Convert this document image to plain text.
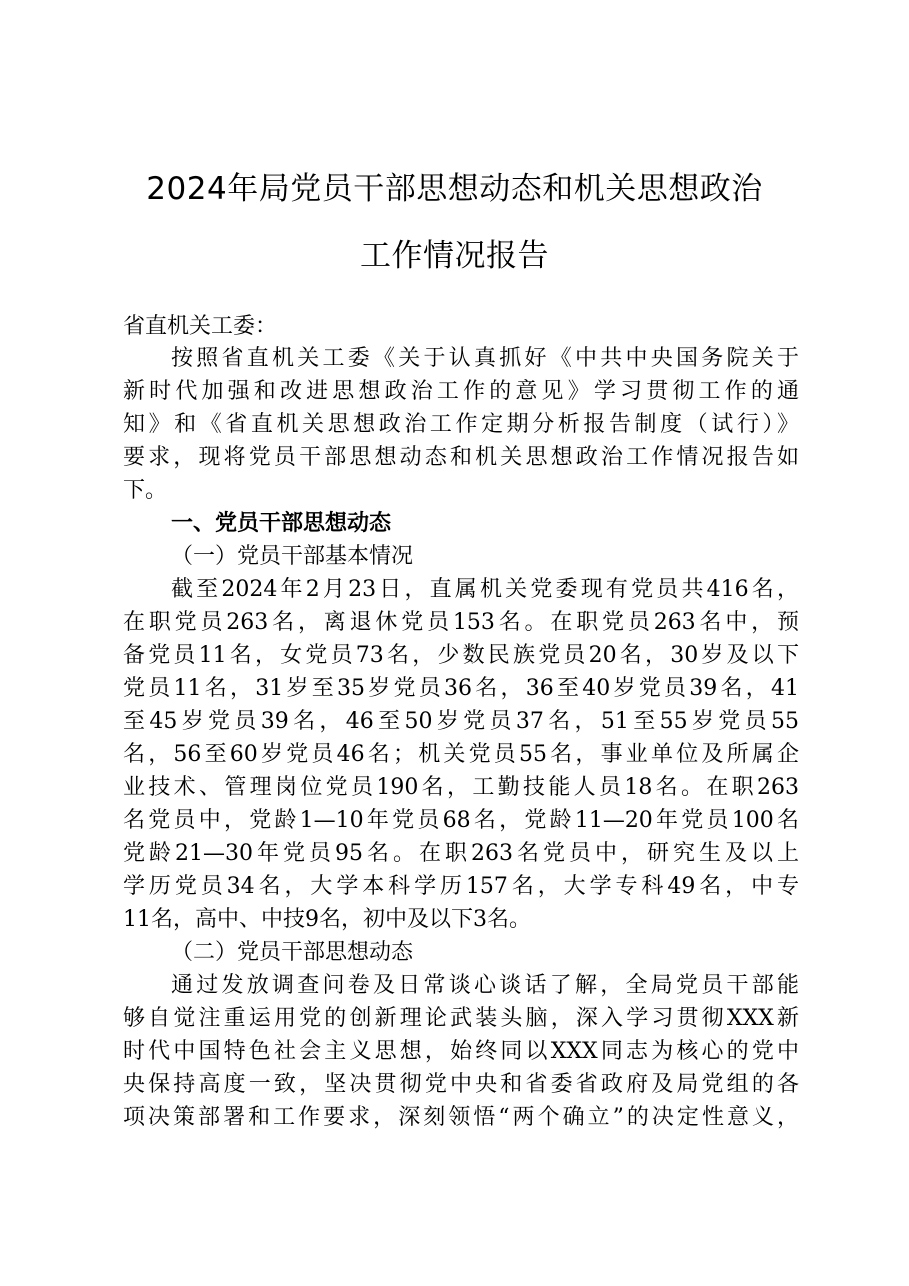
2024年局党员干部思想动态和机关思想政治
工作情况报告
省直机关工委：
按照省直机关工委《关于认真抓好《中共中央国务院关于
新时代加强和改进思想政治工作的意见》学习贯彻工作的通
知》和《省直机关思想政治工作定期分析报告制度（试行）》
要求，现将党员干部思想动态和机关思想政治工作情况报告如
下。
一、党员干部思想动态
（一）党员干部基本情况
截至2024年2月23日，直属机关党委现有党员共416名，
在职党员263名，离退休党员153名。在职党员263名中，预
备党员11名，女党员73名，少数民族党员20名，30岁及以下
党员11名，31岁至35岁党员36名，36至40岁党员39名，41
至45岁党员39名，46至50岁党员37名，51至55岁党员55
名，56至60岁党员46名；机关党员55名，事业单位及所属企
业技术、管理岗位党员190名，工勤技能人员18名。在职263
名党员中，党龄1—10年党员68名，党龄11—20年党员100名
党龄21—30年党员95名。在职263名党员中，研究生及以上
学历党员34名，大学本科学历157名，大学专科49名，中专
11名，高中、中技9名，初中及以下3名。
（二）党员干部思想动态
通过发放调查问卷及日常谈心谈话了解，全局党员干部能
够自觉注重运用党的创新理论武装头脑，深入学习贯彻XXX新
时代中国特色社会主义思想，始终同以XXX同志为核心的党中
央保持高度一致，坚决贯彻党中央和省委省政府及局党组的各
项决策部署和工作要求，深刻领悟“两个确立”的决定性意义，
